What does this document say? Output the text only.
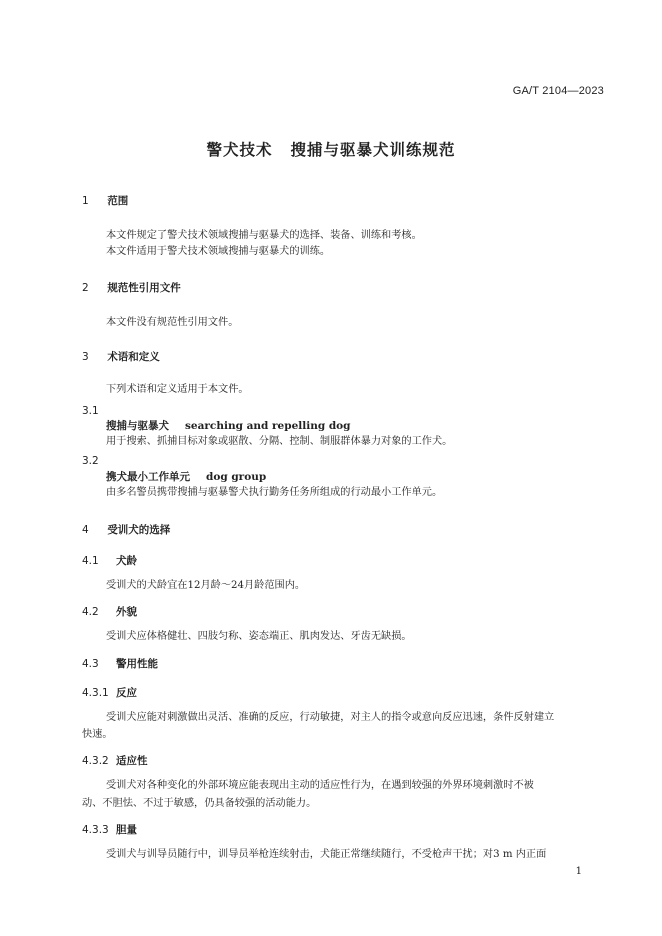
GA/T 2104—2023
警犬技术 搜捕与驱暴犬训练规范
1 范围
本文件规定了警犬技术领域搜捕与驱暴犬的选择、装备、训练和考核。
本文件适用于警犬技术领域搜捕与驱暴犬的训练。
2 规范性引用文件
本文件没有规范性引用文件。
3 术语和定义
下列术语和定义适用于本文件。
3.1
搜捕与驱暴犬 searching and repelling dog
用于搜索、抓捕目标对象或驱散、分隔、控制、制服群体暴力对象的工作犬。
3.2
携犬最小工作单元 dog group
由多名警员携带搜捕与驱暴警犬执行勤务任务所组成的行动最小工作单元。
4 受训犬的选择
4.1 犬龄
受训犬的犬龄宜在12月龄～24月龄范围内。
4.2 外貌
受训犬应体格健壮、四肢匀称、姿态端正、肌肉发达、牙齿无缺损。
4.3 警用性能
4.3.1 反应
受训犬应能对刺激做出灵活、准确的反应，行动敏捷，对主人的指令或意向反应迅速，条件反射建立
快速。
4.3.2 适应性
受训犬对各种变化的外部环境应能表现出主动的适应性行为，在遇到较强的外界环境刺激时不被
动、不胆怯、不过于敏感，仍具备较强的活动能力。
4.3.3 胆量
受训犬与训导员随行中，训导员举枪连续射击，犬能正常继续随行，不受枪声干扰；对3 m 内正面
1
